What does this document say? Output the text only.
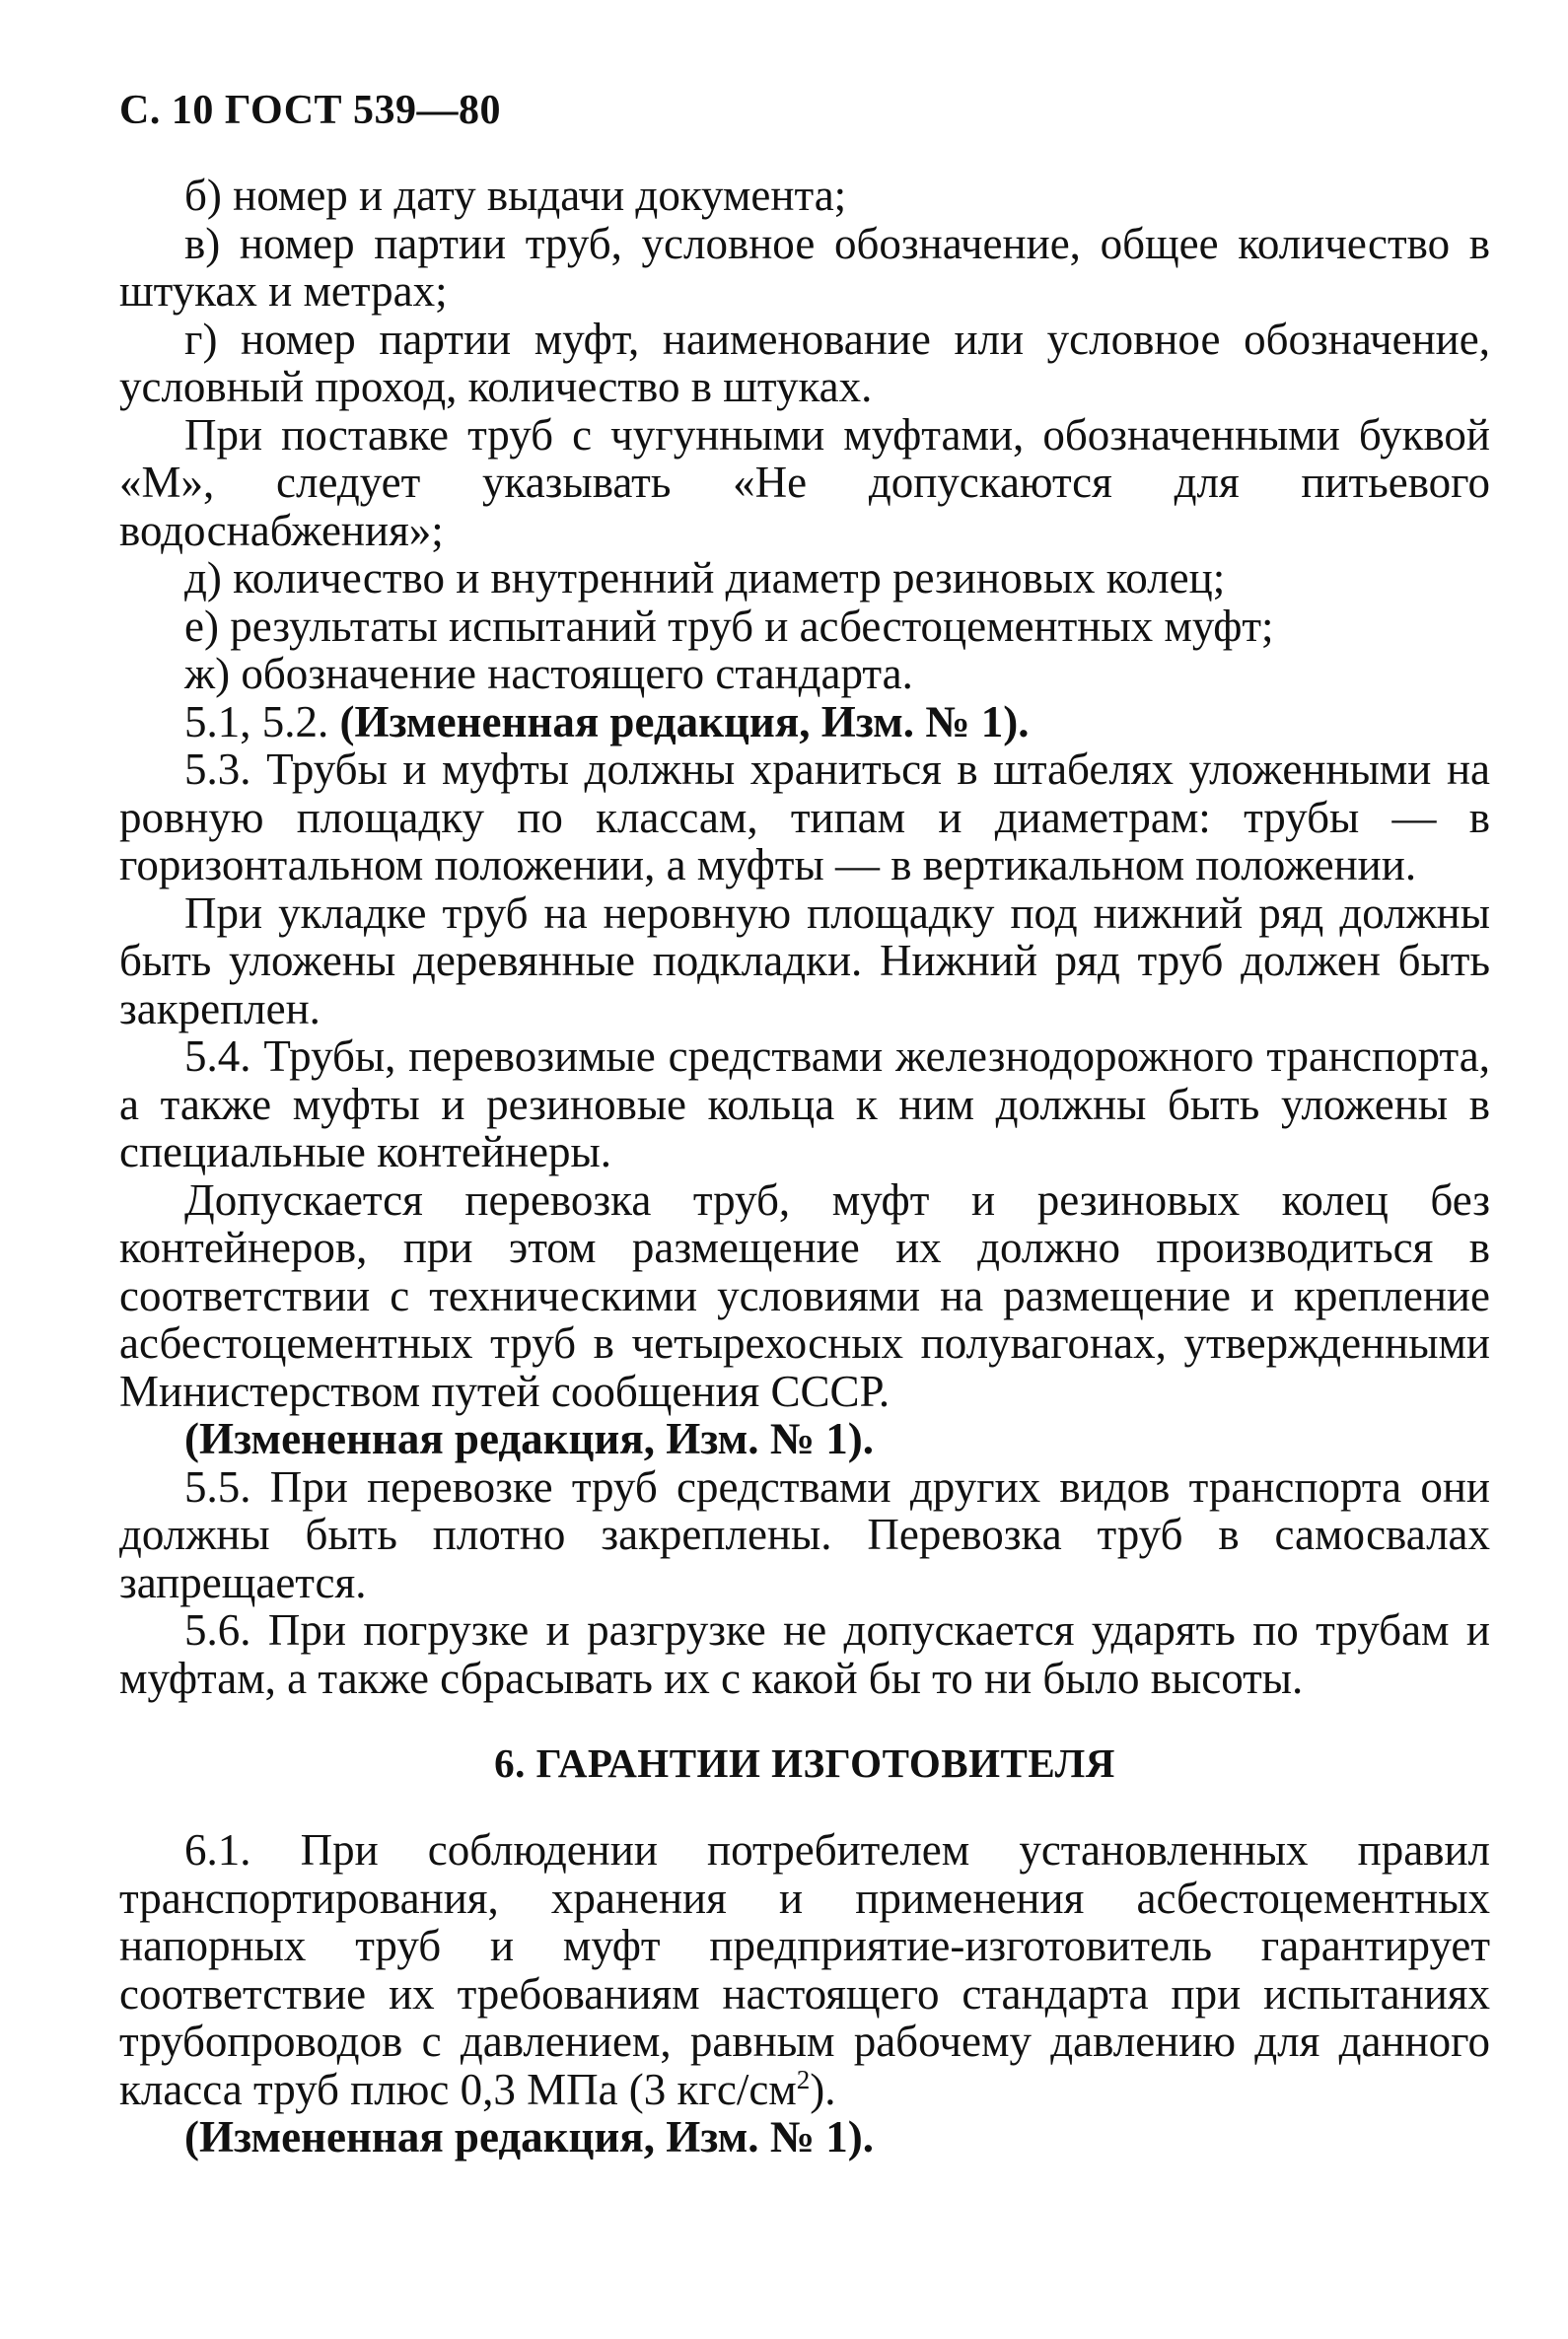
С. 10 ГОСТ 539—80

б) номер и дату выдачи документа;

в) номер партии труб, условное обозначение, общее количество в штуках и метрах;

г) номер партии муфт, наименование или условное обозначение, условный проход, количество в штуках.

При поставке труб с чугунными муфтами, обозначенными буквой «М», следует указывать «Не допускаются для питьевого водоснабжения»;

д) количество и внутренний диаметр резиновых колец;

е) результаты испытаний труб и асбестоцементных муфт;

ж) обозначение настоящего стандарта.

5.1, 5.2. (Измененная редакция, Изм. № 1).

5.3. Трубы и муфты должны храниться в штабелях уложенными на ровную площадку по классам, типам и диаметрам: трубы — в горизонтальном положении, а муфты — в вертикальном положении.

При укладке труб на неровную площадку под нижний ряд должны быть уложены деревянные подкладки. Нижний ряд труб должен быть закреплен.

5.4. Трубы, перевозимые средствами железнодорожного транспорта, а также муфты и резиновые кольца к ним должны быть уложены в специальные контейнеры.

Допускается перевозка труб, муфт и резиновых колец без контейнеров, при этом размещение их должно производиться в соответствии с техническими условиями на размещение и крепление асбестоцементных труб в четырехосных полувагонах, утвержденными Министерством путей сообщения СССР.

(Измененная редакция, Изм. № 1).

5.5. При перевозке труб средствами других видов транспорта они должны быть плотно закреплены. Перевозка труб в самосвалах запрещается.

5.6. При погрузке и разгрузке не допускается ударять по трубам и муфтам, а также сбрасывать их с какой бы то ни было высоты.

6. ГАРАНТИИ ИЗГОТОВИТЕЛЯ

6.1. При соблюдении потребителем установленных правил транспортирования, хранения и применения асбестоцементных напорных труб и муфт предприятие-изготовитель гарантирует соответствие их требованиям настоящего стандарта при испытаниях трубопроводов с давлением, равным рабочему давлению для данного класса труб плюс 0,3 МПа (3 кгс/$см^2$).

(Измененная редакция, Изм. № 1).
